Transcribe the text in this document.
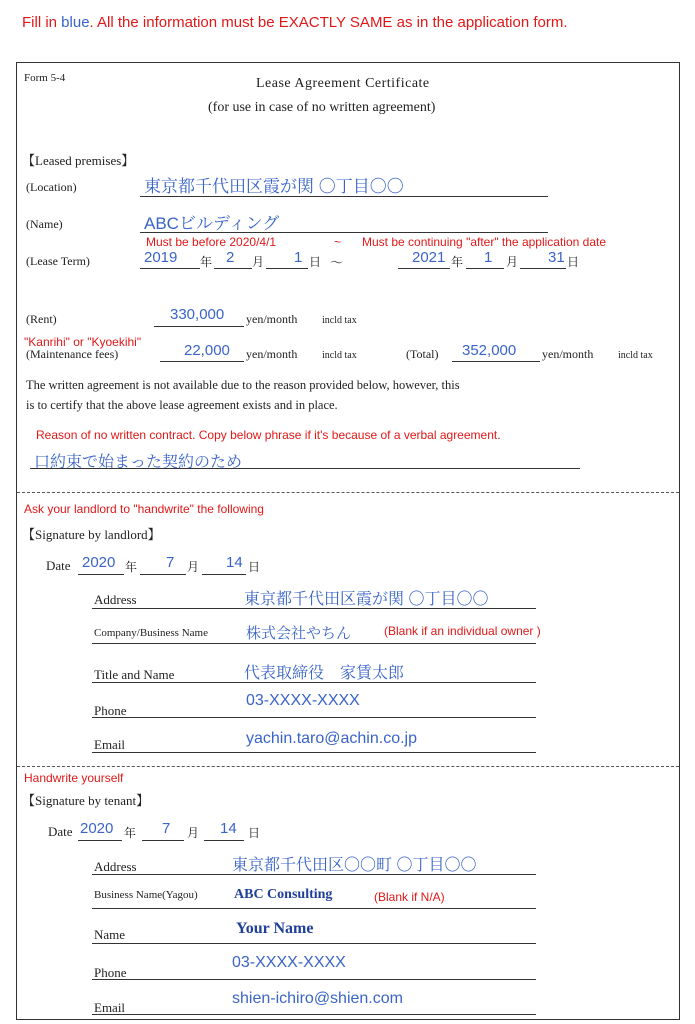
Fill in blue. All the information must be EXACTLY SAME as in the application form.
Form 5-4	Lease Agreement Certificate
(for use in case of no written agreement)
【Leased premises】
(Location)	東京都千代田区霞が関 〇丁目〇〇
(Name)	ABCビルディング
Must be before 2020/4/1	~ Must be continuing "after" the application date
(Lease Term)	2019 年 2 月 1 日 ～	2021 年 1 月 31 日
(Rent)	330,000 yen/month incld tax
"Kanrihi" or "Kyoekihi"
(Maintenance fees)	22,000 yen/month incld tax	(Total) 352,000 yen/month incld tax
The written agreement is not available due to the reason provided below, however, this
is to certify that the above lease agreement exists and in place.
Reason of no written contract. Copy below phrase if it's because of a verbal agreement.
口約束で始まった契約のため
Ask your landlord to "handwrite" the following
【Signature by landlord】
Date 2020 年 7 月 14 日
Address	東京都千代田区霞が関 〇丁目〇〇
Company/Business Name	株式会社やちん	(Blank if an individual owner )
Title and Name	代表取締役　家賃太郎
Phone
03-XXXX-XXXX
Email	yachin.taro@achin.co.jp
Handwrite yourself
【Signature by tenant】
Date 2020 年 7 月 14 日
Address	東京都千代田区〇〇町 〇丁目〇〇
Business Name(Yagou)	ABC Consulting	(Blank if N/A)
Name	Your Name
Phone
03-XXXX-XXXX
Email
shien-ichiro@shien.com
